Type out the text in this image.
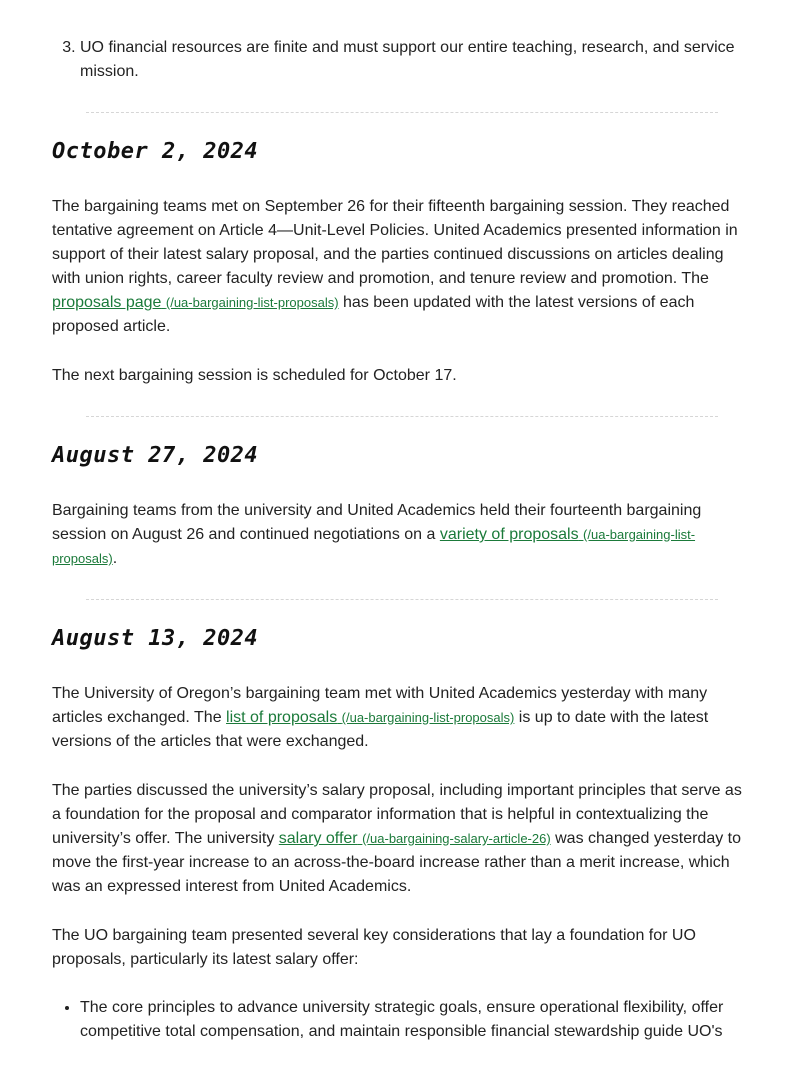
3. UO financial resources are finite and must support our entire teaching, research, and service mission.
October 2, 2024

The bargaining teams met on September 26 for their fifteenth bargaining session. They reached tentative agreement on Article 4—Unit-Level Policies. United Academics presented information in support of their latest salary proposal, and the parties continued discussions on articles dealing with union rights, career faculty review and promotion, and tenure review and promotion. The proposals page (/ua-bargaining-list-proposals) has been updated with the latest versions of each proposed article.

The next bargaining session is scheduled for October 17.

August 27, 2024

Bargaining teams from the university and United Academics held their fourteenth bargaining session on August 26 and continued negotiations on a variety of proposals (/ua-bargaining-list-proposals).

August 13, 2024

The University of Oregon’s bargaining team met with United Academics yesterday with many articles exchanged. The list of proposals (/ua-bargaining-list-proposals) is up to date with the latest versions of the articles that were exchanged.

The parties discussed the university’s salary proposal, including important principles that serve as a foundation for the proposal and comparator information that is helpful in contextualizing the university’s offer. The university salary offer (/ua-bargaining-salary-article-26) was changed yesterday to move the first-year increase to an across-the-board increase rather than a merit increase, which was an expressed interest from United Academics.

The UO bargaining team presented several key considerations that lay a foundation for UO proposals, particularly its latest salary offer:

• The core principles to advance university strategic goals, ensure operational flexibility, offer competitive total compensation, and maintain responsible financial stewardship guide UO's
